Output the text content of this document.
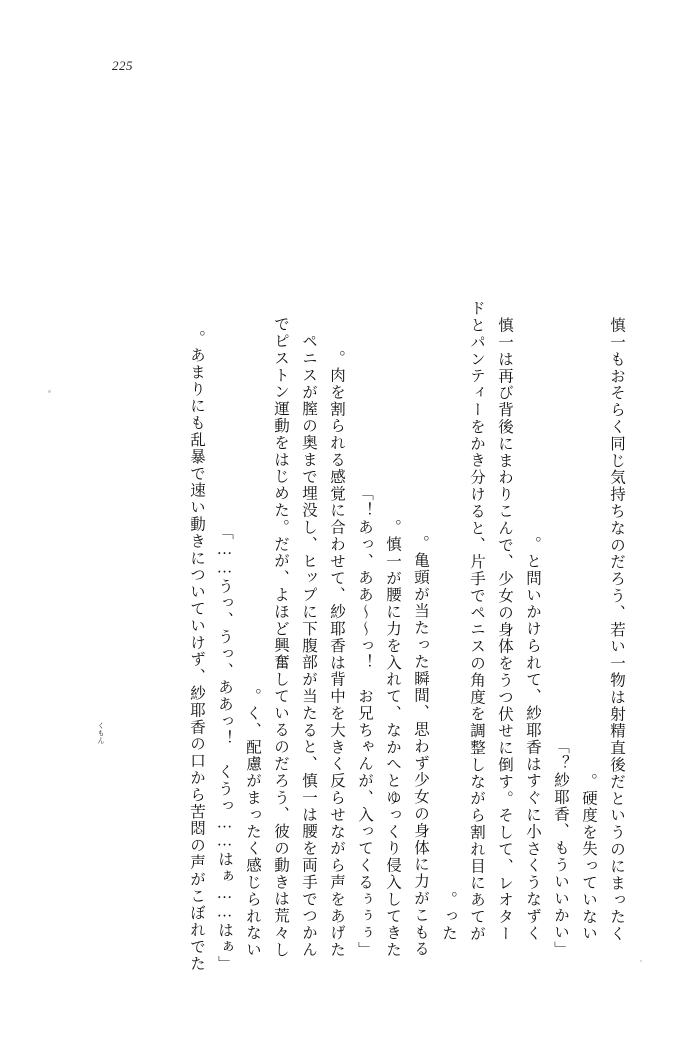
225
慎一もおそらく同じ気持ちなのだろう、若い一物は射精直後だというのにまったく
硬度を失っていない。
「紗耶香、もういいかい？」
と問いかけられて、紗耶香はすぐに小さくうなずく。
慎一は再び背後にまわりこんで、少女の身体をうつ伏せに倒す。そして、レオター
ドとパンティーをかき分けると、片手でペニスの角度を調整しながら割れ目にあてが
った。
亀頭が当たった瞬間、思わず少女の身体に力がこもる。
慎一が腰に力を入れて、なかへとゆっくり侵入してきた。
「あっ、ああ～～っ！　お兄ちゃんが、入ってくるぅぅぅ！」
肉を割られる感覚に合わせて、紗耶香は背中を大きく反らせながら声をあげた。
ペニスが膣の奥まで埋没し、ヒップに下腹部が当たると、慎一は腰を両手でつかん
でピストン運動をはじめた。だが、よほど興奮しているのだろう、彼の動きは荒々し
く、配慮がまったく感じられない。
「うっ、うっ、ああっ！　くうっ……はぁ……はぁ……」
あまりにも乱暴で速い動きについていけず、紗耶香の口から苦悶の声がこぼれでた。
くもん
